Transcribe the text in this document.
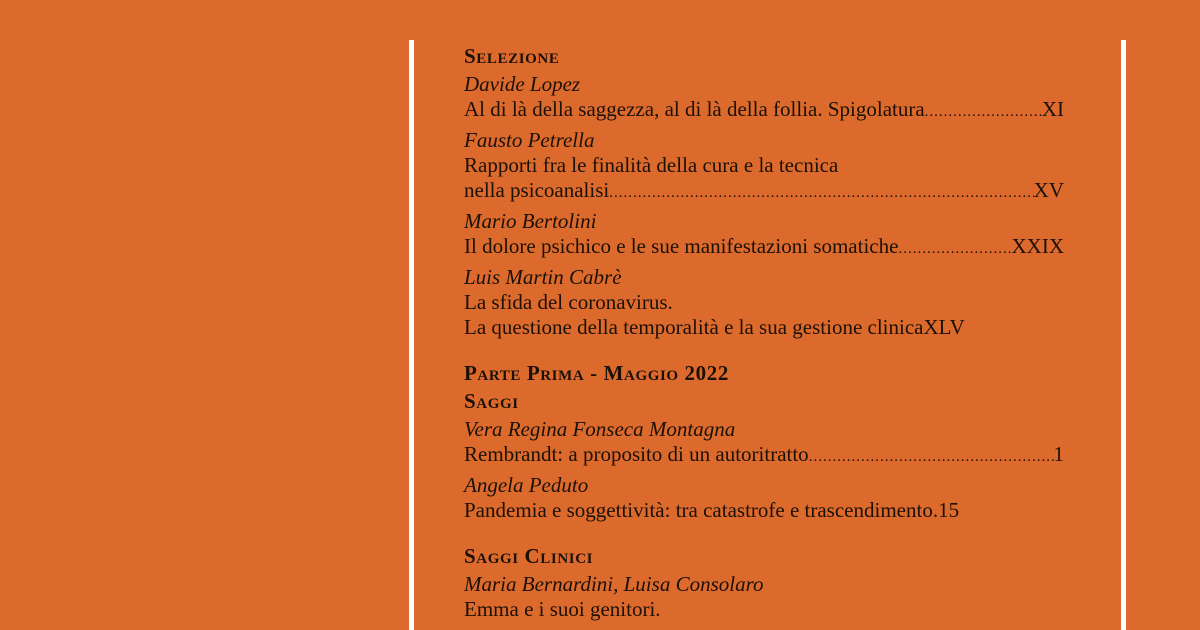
Selezione
Davide Lopez
Al di là della saggezza, al di là della follia. Spigolatura .....	XI
Fausto Petrella
Rapporti fra le finalità della cura e la tecnica
nella psicoanalisi .....	XV
Mario Bertolini
Il dolore psichico e le sue manifestazioni somatiche .....	XXIX
Luis Martin Cabrè
La sfida del coronavirus.
La questione della temporalità e la sua gestione clinica XLV
Parte Prima - Maggio 2022
Saggi
Vera Regina Fonseca Montagna
Rembrandt: a proposito di un autoritratto .....	1
Angela Peduto
Pandemia e soggettività: tra catastrofe e trascendimento. 15
Saggi Clinici
Maria Bernardini, Luisa Consolaro
Emma e i suoi genitori.
